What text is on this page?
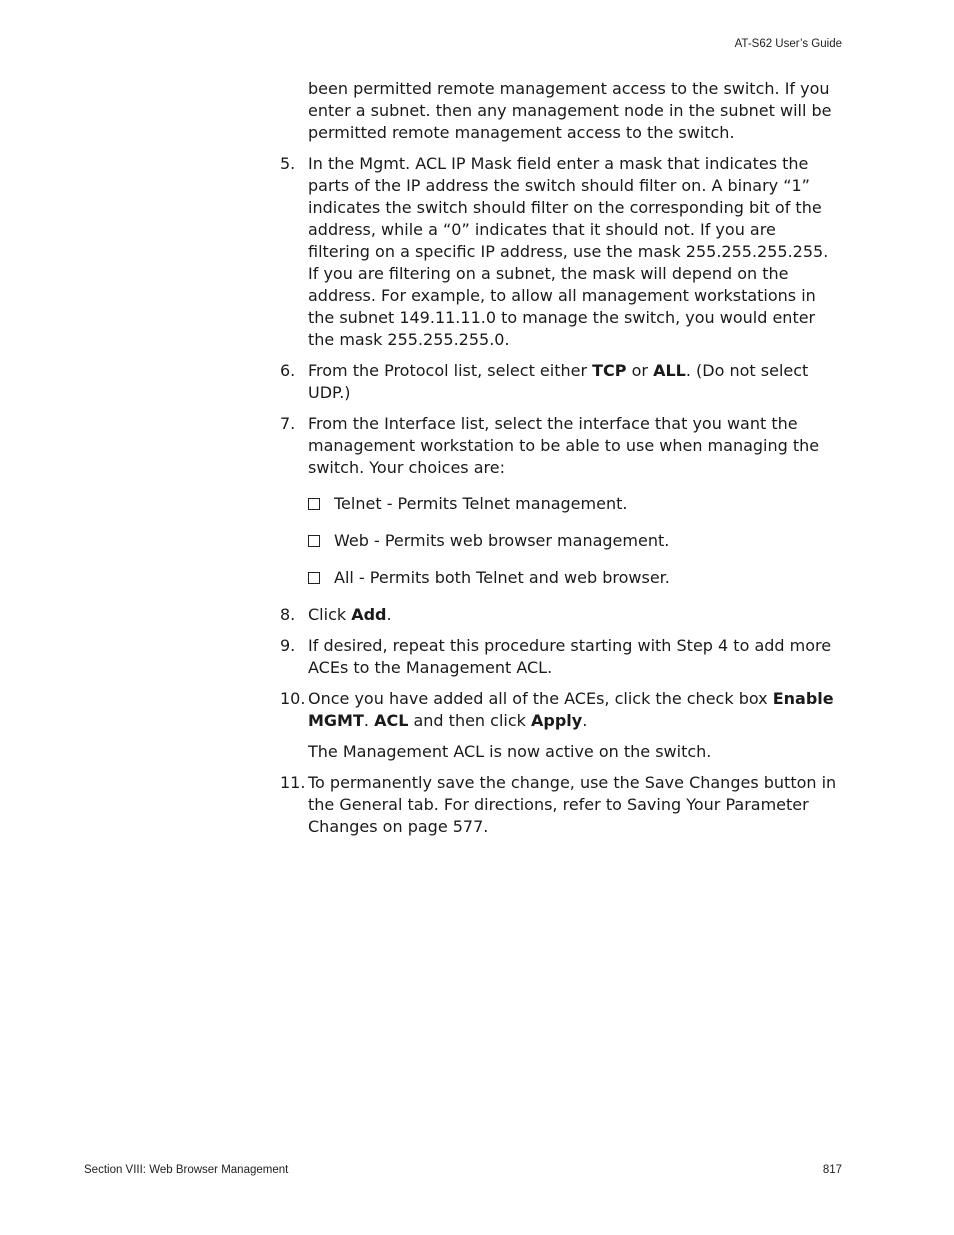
AT-S62 User’s Guide

been permitted remote management access to the switch. If you enter a subnet. then any management node in the subnet will be permitted remote management access to the switch.

5. In the Mgmt. ACL IP Mask field enter a mask that indicates the parts of the IP address the switch should filter on. A binary “1” indicates the switch should filter on the corresponding bit of the address, while a “0” indicates that it should not. If you are filtering on a specific IP address, use the mask 255.255.255.255. If you are filtering on a subnet, the mask will depend on the address. For example, to allow all management workstations in the subnet 149.11.11.0 to manage the switch, you would enter the mask 255.255.255.0.
6. From the Protocol list, select either TCP or ALL. (Do not select UDP.)
7. From the Interface list, select the interface that you want the management workstation to be able to use when managing the switch. Your choices are:
Telnet - Permits Telnet management.
Web - Permits web browser management.
All - Permits both Telnet and web browser.
8. Click Add.
9. If desired, repeat this procedure starting with Step 4 to add more ACEs to the Management ACL.
10. Once you have added all of the ACEs, click the check box Enable MGMT. ACL and then click Apply.

The Management ACL is now active on the switch.

11. To permanently save the change, use the Save Changes button in the General tab. For directions, refer to Saving Your Parameter Changes on page 577.
Section VIII: Web Browser Management	817
